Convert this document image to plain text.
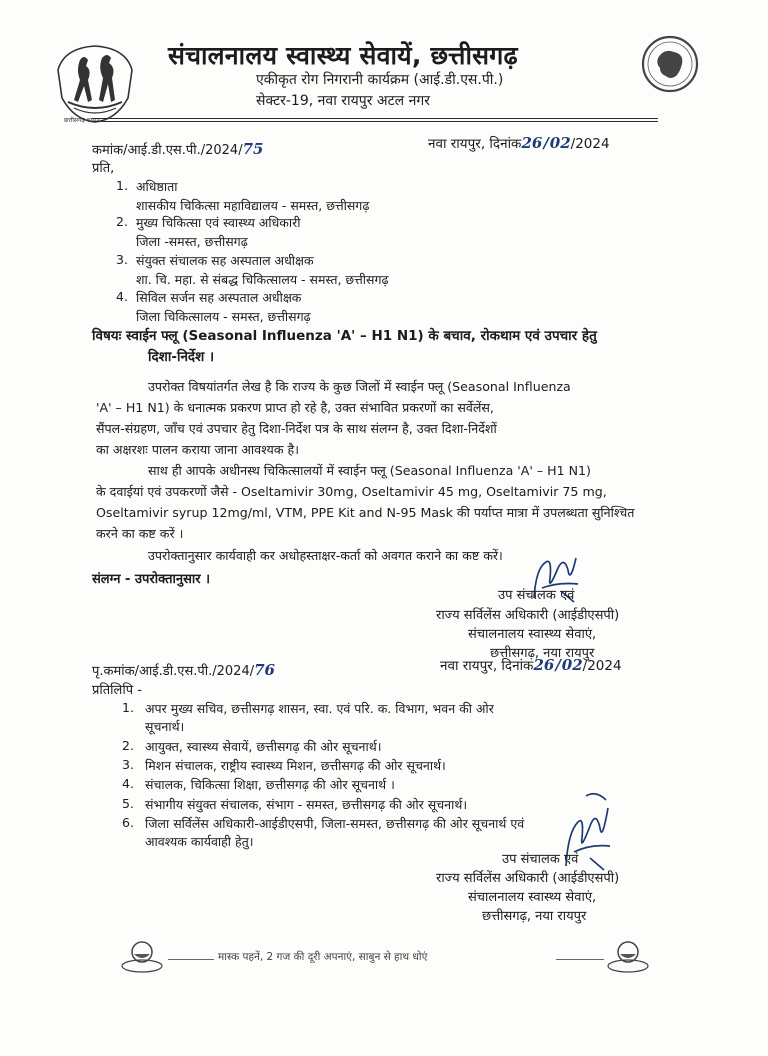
छत्तीसगढ़ शासन
संचालनालय स्वास्थ्य सेवायें, छत्तीसगढ़
एकीकृत रोग निगरानी कार्यक्रम (आई.डी.एस.पी.)
सेक्टर-19, नवा रायपुर अटल नगर
कमांक/आई.डी.एस.पी./2024/75	नवा रायपुर, दिनांक26/02/2024
प्रति,
1. अधिष्ठाता
शासकीय चिकित्सा महाविद्यालय - समस्त, छत्तीसगढ़
2. मुख्य चिकित्सा एवं स्वास्थ्य अधिकारी
जिला -समस्त, छत्तीसगढ़
3. संयुक्त संचालक सह अस्पताल अधीक्षक
शा. चि. महा. से संबद्ध चिकित्सालय - समस्त, छत्तीसगढ़
4. सिविल सर्जन सह अस्पताल अधीक्षक
जिला चिकित्सालय - समस्त, छत्तीसगढ़
विषयः स्वाईन फ्लू (Seasonal Influenza 'A' – H1 N1) के बचाव, रोकथाम एवं उपचार हेतु
दिशा-निर्देश ।
उपरोक्त विषयांतर्गत लेख है कि राज्य के कुछ जिलों में स्वाईन फ्लू (Seasonal Influenza
'A' – H1 N1) के धनात्मक प्रकरण प्राप्त हो रहे है, उक्त संभावित प्रकरणों का सर्वेलेंस,
सैंपल-संग्रहण, जाँच एवं उपचार हेतु दिशा-निर्देश पत्र के साथ संलग्न है, उक्त दिशा-निर्देशों
का अक्षरशः पालन कराया जाना आवश्यक है।
साथ ही आपके अधीनस्थ चिकित्सालयों में स्वाईन फ्लू (Seasonal Influenza 'A' – H1 N1)
के दवाईयां एवं उपकरणों जैसे - Oseltamivir 30mg, Oseltamivir 45 mg, Oseltamivir 75 mg,
Oseltamivir syrup 12mg/ml, VTM, PPE Kit and N-95 Mask की पर्याप्त मात्रा में उपलब्धता सुनिश्चित
करने का कष्ट करें ।
उपरोक्तानुसार कार्यवाही कर अधोहस्ताक्षर-कर्ता को अवगत कराने का कष्ट करें।
संलग्न - उपरोक्तानुसार ।
उप संचालक एवं
राज्य सर्विलेंस अधिकारी (आईडीएसपी)
संचालनालय स्वास्थ्य सेवाएं,
छत्तीसगढ़, नया रायपुर
पृ.कमांक/आई.डी.एस.पी./2024/76	नवा रायपुर, दिनांक26/02/2024
प्रतिलिपि -
1. अपर मुख्य सचिव, छत्तीसगढ़ शासन, स्वा. एवं परि. क. विभाग, भवन की ओर
सूचनार्थ।
2. आयुक्त, स्वास्थ्य सेवायें, छत्तीसगढ़ की ओर सूचनार्थ।
3. मिशन संचालक, राष्ट्रीय स्वास्थ्य मिशन, छत्तीसगढ़ की ओर सूचनार्थ।
4. संचालक, चिकित्सा शिक्षा, छत्तीसगढ़ की ओर सूचनार्थ ।
5. संभागीय संयुक्त संचालक, संभाग - समस्त, छत्तीसगढ़ की ओर सूचनार्थ।
6. जिला सर्विलेंस अधिकारी-आईडीएसपी, जिला-समस्त, छत्तीसगढ़ की ओर सूचनार्थ एवं
आवश्यक कार्यवाही हेतु।
उप संचालक एवं
राज्य सर्विलेंस अधिकारी (आईडीएसपी)
संचालनालय स्वास्थ्य सेवाएं,
छत्तीसगढ़, नया रायपुर
मास्क पहनें, 2 गज की दूरी अपनाएं, साबुन से हाथ धोएं
